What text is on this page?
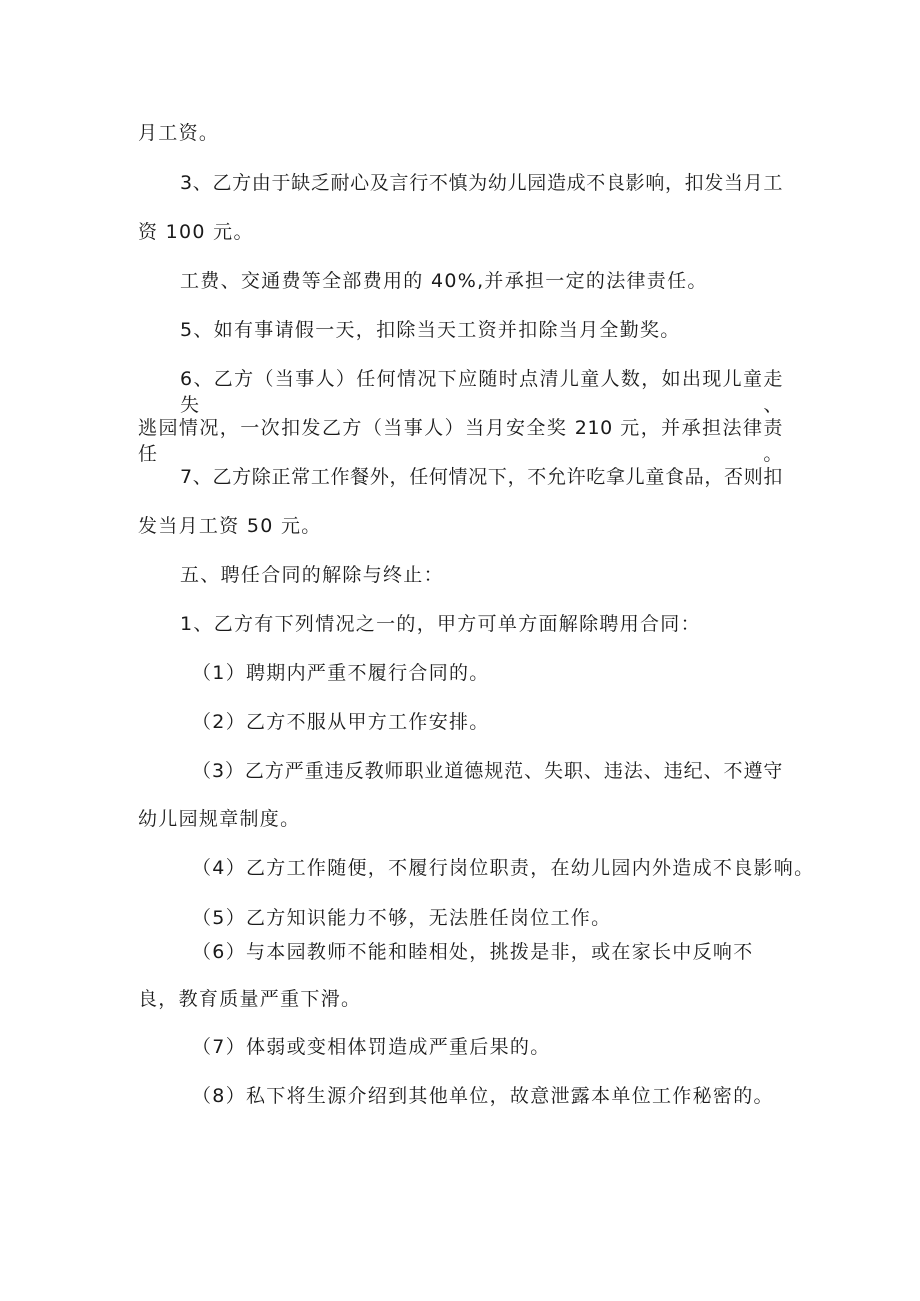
月工资。
3、乙方由于缺乏耐心及言行不慎为幼儿园造成不良影响，扣发当月工
资 100 元。
工费、交通费等全部费用的 40%,并承担一定的法律责任。
5、如有事请假一天，扣除当天工资并扣除当月全勤奖。
6、乙方（当事人）任何情况下应随时点清儿童人数，如出现儿童走失、
逃园情况，一次扣发乙方（当事人）当月安全奖 210 元，并承担法律责任。
7、乙方除正常工作餐外，任何情况下，不允许吃拿儿童食品，否则扣
发当月工资 50 元。
五、聘任合同的解除与终止：
1、乙方有下列情况之一的，甲方可单方面解除聘用合同：
（1）聘期内严重不履行合同的。
（2）乙方不服从甲方工作安排。
（3）乙方严重违反教师职业道德规范、失职、违法、违纪、不遵守
幼儿园规章制度。
（4）乙方工作随便，不履行岗位职责，在幼儿园内外造成不良影响。
（5）乙方知识能力不够，无法胜任岗位工作。
（6）与本园教师不能和睦相处，挑拨是非，或在家长中反响不
良，教育质量严重下滑。
（7）体弱或变相体罚造成严重后果的。
（8）私下将生源介绍到其他单位，故意泄露本单位工作秘密的。
